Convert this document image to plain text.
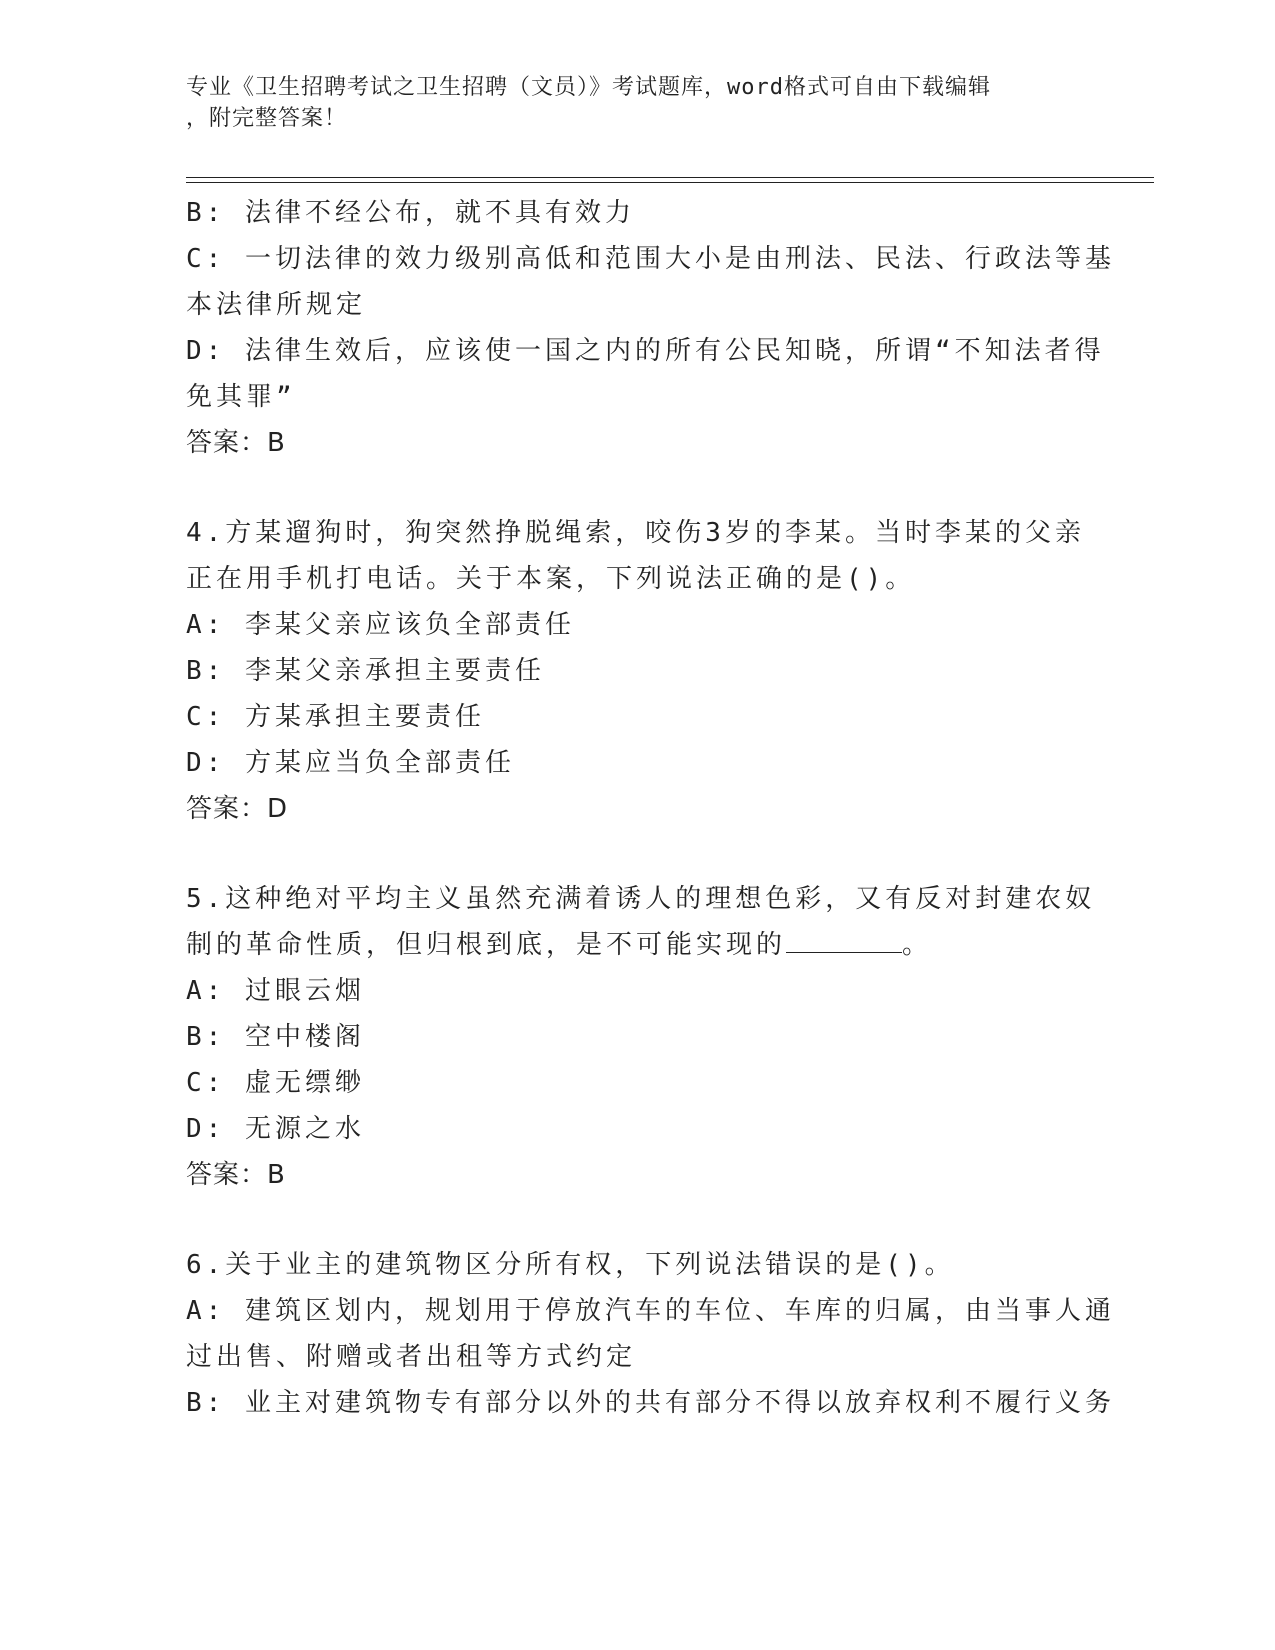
专业《卫生招聘考试之卫生招聘（文员）》考试题库，word格式可自由下载编辑
，附完整答案！
B: 法律不经公布，就不具有效力
C: 一切法律的效力级别高低和范围大小是由刑法、民法、行政法等基
本法律所规定
D: 法律生效后，应该使一国之内的所有公民知晓，所谓“不知法者得
免其罪”
答案：B
4.方某遛狗时，狗突然挣脱绳索，咬伤3岁的李某。当时李某的父亲
正在用手机打电话。关于本案，下列说法正确的是()。
A: 李某父亲应该负全部责任
B: 李某父亲承担主要责任
C: 方某承担主要责任
D: 方某应当负全部责任
答案：D
5.这种绝对平均主义虽然充满着诱人的理想色彩，又有反对封建农奴
制的革命性质，但归根到底，是不可能实现的	。
A: 过眼云烟
B: 空中楼阁
C: 虚无缥缈
D: 无源之水
答案：B
6.关于业主的建筑物区分所有权，下列说法错误的是()。
A: 建筑区划内，规划用于停放汽车的车位、车库的归属，由当事人通
过出售、附赠或者出租等方式约定
B: 业主对建筑物专有部分以外的共有部分不得以放弃权利不履行义务
